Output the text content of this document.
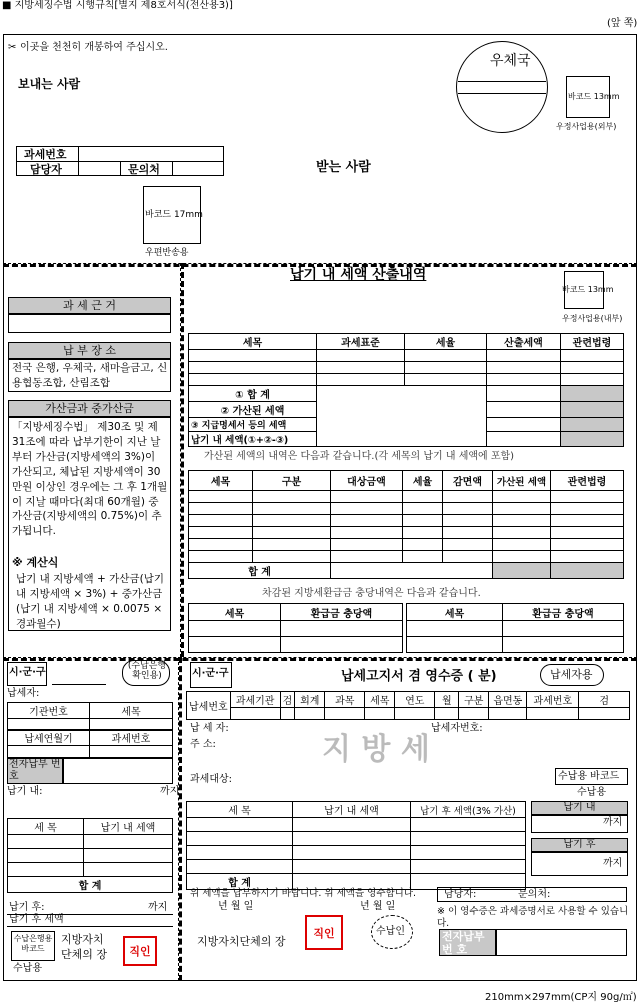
■ 지방세징수법 시행규칙[별지 제8호서식(전산용3)]
(앞 쪽)
✂ 이곳을 천천히 개봉하여 주십시오.
보내는 사람
우체국
바코드 13mm
우정사업용(외부)
과세번호
담당자	문의처	받는 사람
바코드 17mm
우편반송용
과 세 근 거
납 부 장 소
전국 은행, 우체국, 새마을금고, 신용협동조합, 산림조합
가산금과 중가산금
「지방세징수법」 제30조 및 제31조에 따라 납부기한이 지난 날부터 가산금(지방세액의 3%)이 가산되고, 체납된 지방세액이 30만원 이상인 경우에는 그 후 1개월이 지날 때마다(최대 60개월) 중가산금(지방세액의 0.75%)이 추가됩니다.
※ 계산식
납기 내 지방세액 + 가산금(납기 내 지방세액 × 3%) + 중가산금(납기 내 지방세액 × 0.0075 × 경과월수)
납기 내 세액 산출내역
바코드 13mm
우정사업용(내부)
세목	과세표준	세율	산출세액	관련법령

① 합 계				
② 가산된 세액				
③ 지급명세서 등의 세액				
납기 내 세액(①+②-③)				
가산된 세액의 내역은 다음과 같습니다.(각 세목의 납기 내 세액에 포함)
세목	구분	대상금액	세율	감면액	가산된 세액	관련법령

합 계						
차감된 지방세환급금 충당내역은 다음과 같습니다.
세목	환급금 충당액

		세목	환급금 충당액

시·군·구
(수납은행 확인용)
납세자:
기관번호	세목

납세연월기	과세번호

전자납부 번 호
납기 내:	까지
세 목	납기 내 세액

합 계	
납기 후:	까지
납기 후 세액
수납은행용 바코드
지방자치 단체의 장	직인
수납용
시·군·구	납세고지서 겸 영수증 ( 분)	납세자용
납세번호	과세기관	검	회계	과목	세목	연도	월	구분	읍면동	과세번호	검

납 세 자:
주 소:
납세자번호:
지 방 세
과세대상:	수납용 바코드
수납용
세 목	납기 내 세액	납기 후 세액(3% 가산)

합 계		
납기 내
까지
납기 후
까지
위 세액을 납부하시기 바랍니다. 위 세액을 영수합니다.
년 월 일	년 월 일
담당자:	문의처:
※ 이 영수증은 과세증명서로 사용할 수 있습니다.
지방자치단체의 장
직인	수납인	전자납부 번 호
210mm×297mm(CP지 90g/㎡)
